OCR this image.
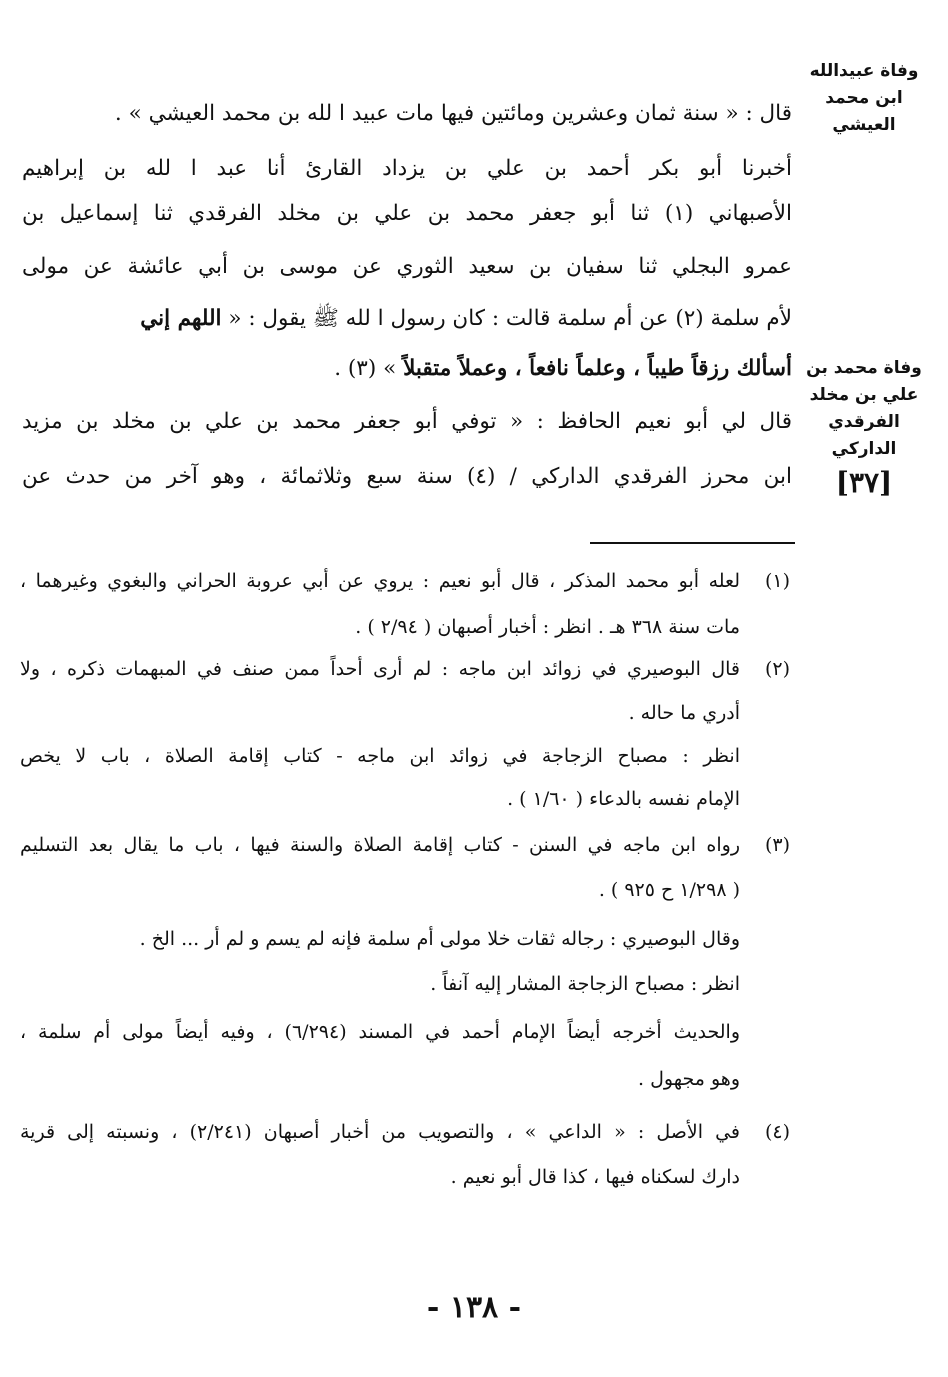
وفاة عبيدالله
ابن محمد
العيشي
وفاة محمد بن
علي بن مخلد
الفرقدي
الداركي
[٣٧]
قال : « سنة ثمان وعشرين ومائتين فيها مات عبيد ا لله بن محمد العيشي » .
أخبرنا أبو بكر أحمد بن علي بن يزداد القارئ أنا عبد ا لله بن إبراهيم
الأصبهاني (١) ثنا أبو جعفر محمد بن علي بن مخلد الفرقدي ثنا إسماعيل بن
عمرو البجلي ثنا سفيان بن سعيد الثوري عن موسى بن أبي عائشة عن مولى
لأم سلمة (٢) عن أم سلمة قالت : كان رسول ا لله ﷺ يقول : « اللهم إني
أسألك رزقاً طيباً ، وعلماً نافعاً ، وعملاً متقبلاً » (٣) .
قال لي أبو نعيم الحافظ : « توفي أبو جعفر محمد بن علي بن مخلد بن مزيد
ابن محرز الفرقدي الداركي / (٤) سنة سبع وثلاثمائة ، وهو آخر من حدث عن
(١)
لعله أبو محمد المذكر ، قال أبو نعيم : يروي عن أبي عروبة الحراني والبغوي وغيرهما ،
مات سنة ٣٦٨ هـ . انظر : أخبار أصبهان ( ٢/٩٤ ) .
(٢)
قال البوصيري في زوائد ابن ماجه : لم أرى أحداً ممن صنف في المبهمات ذكره ، ولا
أدري ما حاله .
انظر : مصباح الزجاجة في زوائد ابن ماجه - كتاب إقامة الصلاة ، باب لا يخص
الإمام نفسه بالدعاء ( ١/٦٠ ) .
(٣)
رواه ابن ماجه في السنن - كتاب إقامة الصلاة والسنة فيها ، باب ما يقال بعد التسليم
( ١/٢٩٨ ح ٩٢٥ ) .
وقال البوصيري : رجاله ثقات خلا مولى أم سلمة فإنه لم يسم و لم أر ... الخ .
انظر : مصباح الزجاجة المشار إليه آنفاً .
والحديث أخرجه أيضاً الإمام أحمد في المسند (٦/٢٩٤) ، وفيه أيضاً مولى أم سلمة ،
وهو مجهول .
(٤)
في الأصل : « الداعي » ، والتصويب من أخبار أصبهان (٢/٢٤١) ، ونسبته إلى قرية
دارك لسكناه فيها ، كذا قال أبو نعيم .
- ١٣٨ -
